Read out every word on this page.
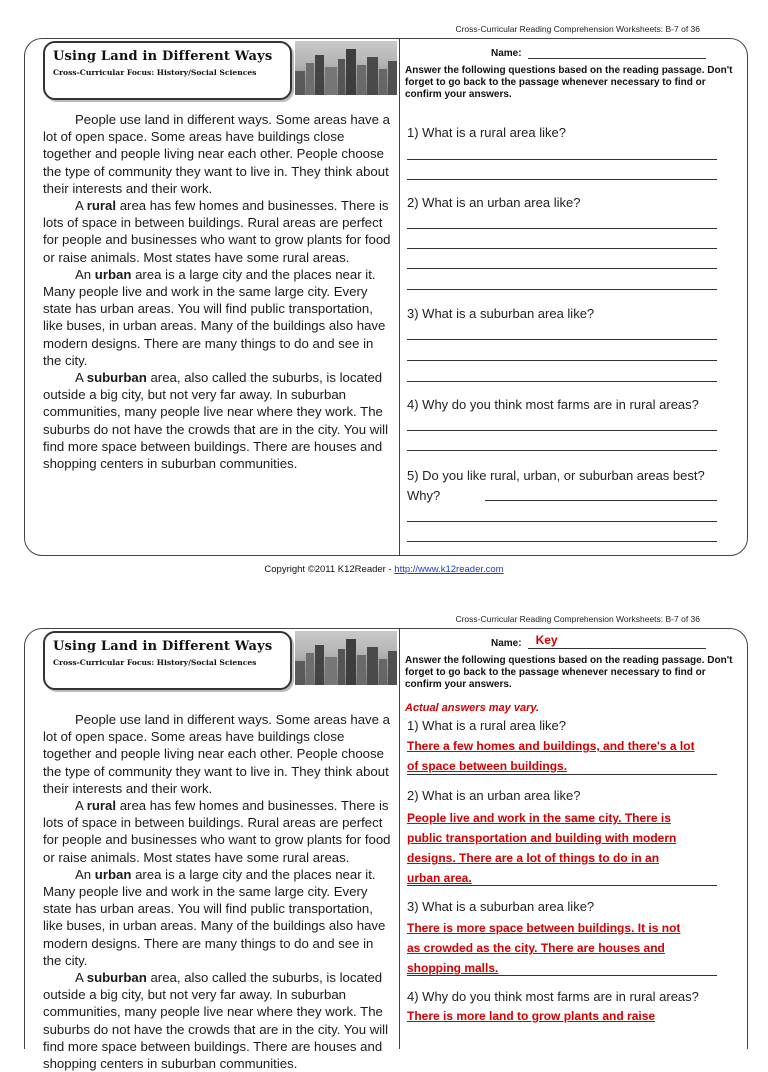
Cross-Curricular Reading Comprehension Worksheets: B-7 of 36
Using Land in Different Ways
Cross-Curricular Focus: History/Social Sciences

People use land in different ways. Some areas have a lot of open space. Some areas have buildings close together and people living near each other. People choose the type of community they want to live in. They think about their interests and their work.

A rural area has few homes and businesses. There is lots of space in between buildings. Rural areas are perfect for people and businesses who want to grow plants for food or raise animals. Most states have some rural areas.

An urban area is a large city and the places near it. Many people live and work in the same large city. Every state has urban areas. You will find public transportation, like buses, in urban areas. Many of the buildings also have modern designs. There are many things to do and see in the city.

A suburban area, also called the suburbs, is located outside a big city, but not very far away. In suburban communities, many people live near where they work. The suburbs do not have the crowds that are in the city. You will find more space between buildings. There are houses and shopping centers in suburban communities.

Name:
Answer the following questions based on the reading passage. Don't forget to go back to the passage whenever necessary to find or confirm your answers.
1) What is a rural area like?
2) What is an urban area like?
3) What is a suburban area like?
4) Why do you think most farms are in rural areas?
5) Do you like rural, urban, or suburban areas best? Why?
Copyright ©2011 K12Reader - http://www.k12reader.com
Cross-Curricular Reading Comprehension Worksheets: B-7 of 36
Using Land in Different Ways
Cross-Curricular Focus: History/Social Sciences

People use land in different ways. Some areas have a lot of open space. Some areas have buildings close together and people living near each other. People choose the type of community they want to live in. They think about their interests and their work.

A rural area has few homes and businesses. There is lots of space in between buildings. Rural areas are perfect for people and businesses who want to grow plants for food or raise animals. Most states have some rural areas.

An urban area is a large city and the places near it. Many people live and work in the same large city. Every state has urban areas. You will find public transportation, like buses, in urban areas. Many of the buildings also have modern designs. There are many things to do and see in the city.

A suburban area, also called the suburbs, is located outside a big city, but not very far away. In suburban communities, many people live near where they work. The suburbs do not have the crowds that are in the city. You will find more space between buildings. There are houses and shopping centers in suburban communities.

Name: Key
Answer the following questions based on the reading passage. Don't forget to go back to the passage whenever necessary to find or confirm your answers.
Actual answers may vary.
1) What is a rural area like?
There a few homes and buildings, and there's a lot
of space between buildings.
2) What is an urban area like?
People live and work in the same city. There is
public transportation and building with modern
designs. There are a lot of things to do in an
urban area.
3) What is a suburban area like?
There is more space between buildings. It is not
as crowded as the city. There are houses and
shopping malls.
4) Why do you think most farms are in rural areas?
There is more land to grow plants and raise
